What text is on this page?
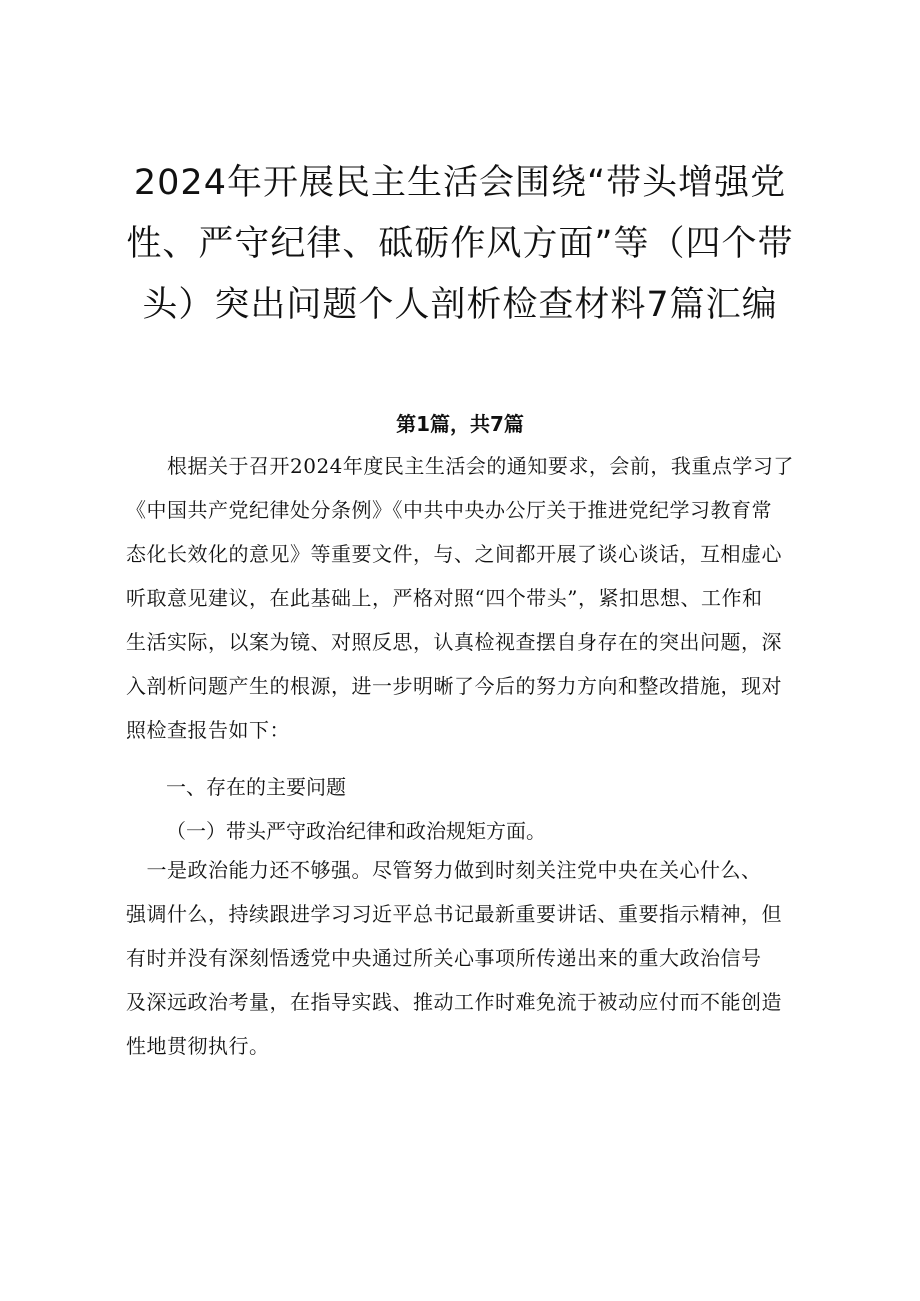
2024年开展民主生活会围绕“带头增强党
性、严守纪律、砥砺作风方面”等（四个带
头）突出问题个人剖析检查材料7篇汇编
第1篇，共7篇
　　根据关于召开2024年度民主生活会的通知要求，会前，我重点学习了
《中国共产党纪律处分条例》《中共中央办公厅关于推进党纪学习教育常
态化长效化的意见》等重要文件，与、之间都开展了谈心谈话，互相虚心
听取意见建议，在此基础上，严格对照“四个带头”，紧扣思想、工作和
生活实际，以案为镜、对照反思，认真检视查摆自身存在的突出问题，深
入剖析问题产生的根源，进一步明晰了今后的努力方向和整改措施，现对
照检查报告如下：
一、存在的主要问题

（一）带头严守政治纪律和政治规矩方面。

　一是政治能力还不够强。尽管努力做到时刻关注党中央在关心什么、
强调什么，持续跟进学习习近平总书记最新重要讲话、重要指示精神，但
有时并没有深刻悟透党中央通过所关心事项所传递出来的重大政治信号
及深远政治考量，在指导实践、推动工作时难免流于被动应付而不能创造
性地贯彻执行。
